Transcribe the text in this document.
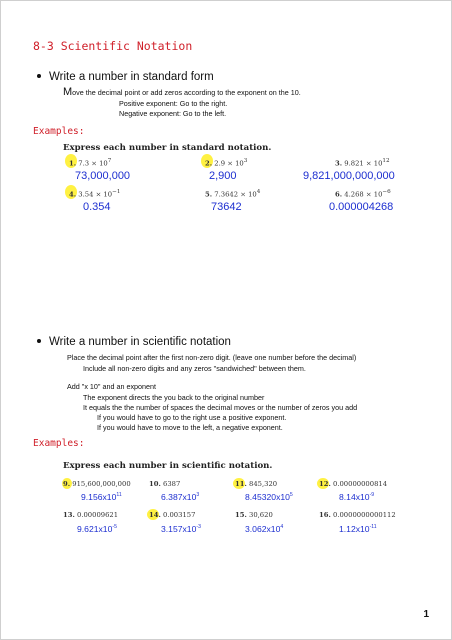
8-3 Scientific Notation
Write a number in standard form
Move the decimal point or add zeros according to the exponent on the 10.
Positive exponent: Go to the right.
Negative exponent: Go to the left.
Examples:
Express each number in standard notation.
1. $7.3 \times 10^7$	2. $2.9 \times 10^3$	3. $9.821 \times 10^{12}$
73,000,000	2,900	9,821,000,000,000
4. $3.54 \times 10^{-1}$	5. $7.3642 \times 10^4$	6. $4.268 \times 10^{-6}$
0.354	73642	0.000004268
Write a number in scientific notation
Place the decimal point after the first non-zero digit. (leave one number before the decimal)
Include all non-zero digits and any zeros "sandwiched" between them.
Add "x 10" and an exponent
The exponent directs the you back to the original number
It equals the the number of spaces the decimal moves or the number of zeros you add
If you would have to go to the right use a positive exponent.
If you would have to move to the left, a negative exponent.
Examples:
Express each number in scientific notation.
9. 915,600,000,000	10. 6387	11. 845,320	12. 0.00000000814
$9.156x10^{11}$	$6.387x10^3$	$8.45320x10^5$	$8.14x10^{-9}$
13. 0.00009621	14. 0.003157	15. 30,620	16. 0.0000000000112
$9.621x10^{-5}$	$3.157x10^{-3}$	$3.062x10^4$	$1.12x10^{-11}$
1
